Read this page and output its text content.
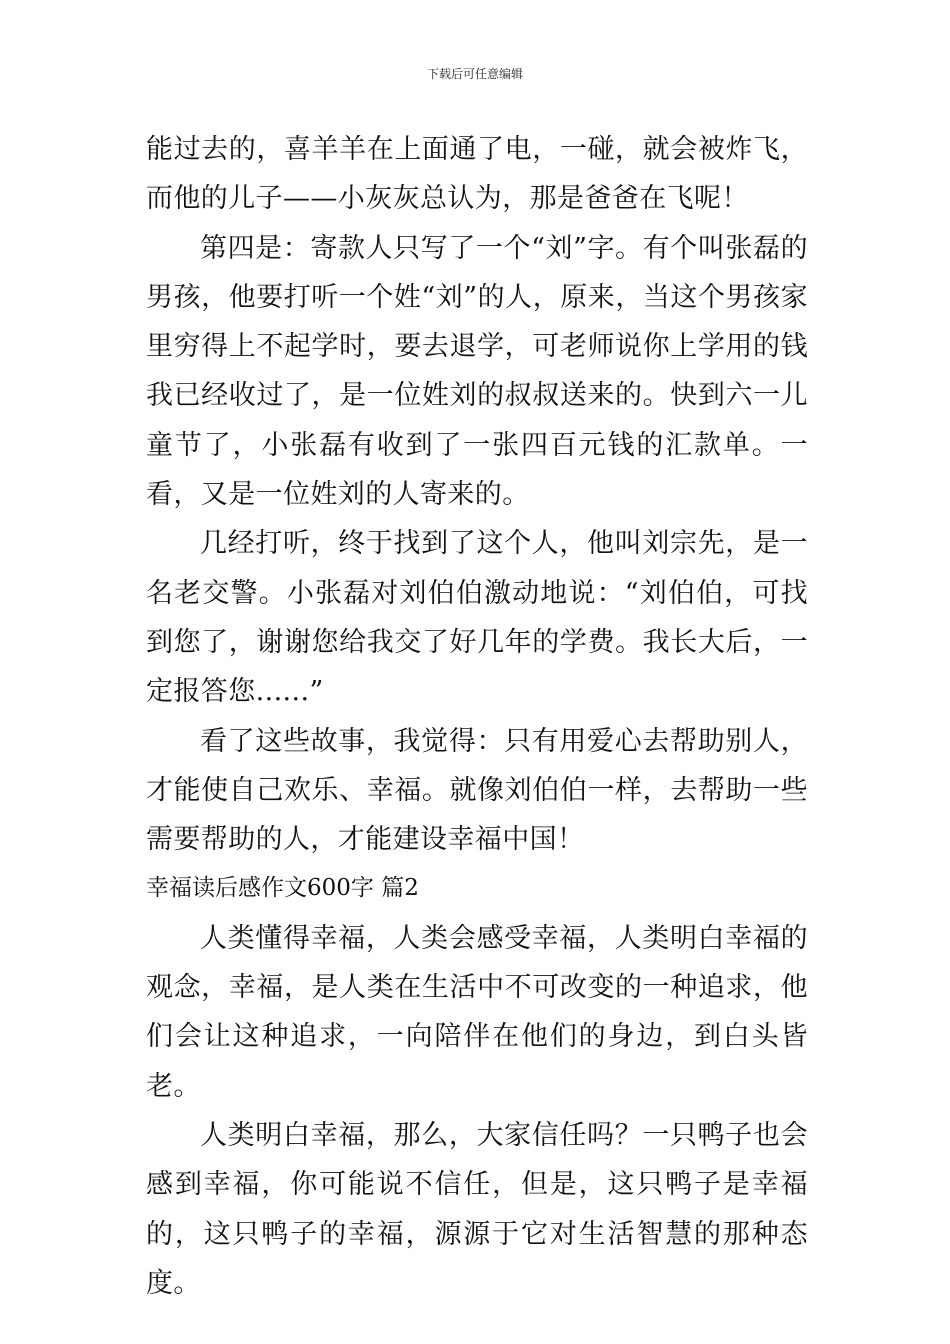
下载后可任意编辑

能过去的，喜羊羊在上面通了电，一碰，就会被炸飞，而他的儿子——小灰灰总认为，那是爸爸在飞呢！

第四是：寄款人只写了一个“刘”字。有个叫张磊的男孩，他要打听一个姓“刘”的人，原来，当这个男孩家里穷得上不起学时，要去退学，可老师说你上学用的钱我已经收过了，是一位姓刘的叔叔送来的。快到六一儿童节了，小张磊有收到了一张四百元钱的汇款单。一看，又是一位姓刘的人寄来的。

几经打听，终于找到了这个人，他叫刘宗先，是一名老交警。小张磊对刘伯伯激动地说：“刘伯伯，可找到您了，谢谢您给我交了好几年的学费。我长大后，一定报答您......”

看了这些故事，我觉得：只有用爱心去帮助别人，才能使自己欢乐、幸福。就像刘伯伯一样，去帮助一些需要帮助的人，才能建设幸福中国！

幸福读后感作文600字 篇2

人类懂得幸福，人类会感受幸福，人类明白幸福的观念，幸福，是人类在生活中不可改变的一种追求，他们会让这种追求，一向陪伴在他们的身边，到白头皆老。

人类明白幸福，那么，大家信任吗？一只鸭子也会感到幸福，你可能说不信任，但是，这只鸭子是幸福的，这只鸭子的幸福，源源于它对生活智慧的那种态度。
